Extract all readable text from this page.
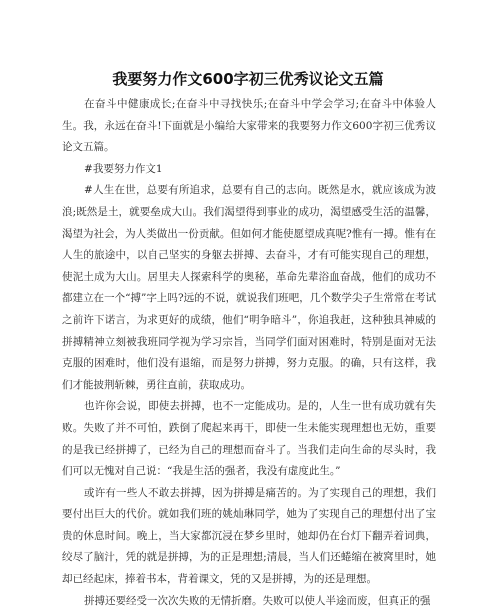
我要努力作文600字初三优秀议论文五篇

在奋斗中健康成长;在奋斗中寻找快乐;在奋斗中学会学习;在奋斗中体验人生。我，永远在奋斗!下面就是小编给大家带来的我要努力作文600字初三优秀议论文五篇。

#我要努力作文1

#人生在世，总要有所追求，总要有自己的志向。既然是水，就应该成为波浪;既然是土，就要垒成大山。我们渴望得到事业的成功，渴望感受生活的温馨，渴望为社会，为人类做出一份贡献。但如何才能使愿望成真呢?惟有一搏。惟有在人生的旅途中，以自己坚实的身躯去拼搏、去奋斗，才有可能实现自己的理想，使泥土成为大山。居里夫人探索科学的奥秘，革命先辈浴血奋战，他们的成功不都建立在一个“搏”字上吗?远的不说，就说我们班吧，几个数学尖子生常常在考试之前许下诺言，为求更好的成绩，他们“明争暗斗”，你追我赶，这种独具神威的拼搏精神立刻被我班同学视为学习宗旨，当同学们面对困难时，特别是面对无法克服的困难时，他们没有退缩，而是努力拼搏，努力克服。的确，只有这样，我们才能披荆斩棘，勇往直前，获取成功。

也许你会说，即使去拼搏，也不一定能成功。是的，人生一世有成功就有失败。失败了并不可怕，跌倒了爬起来再干，即使一生未能实现理想也无妨，重要的是我已经拼搏了，已经为自己的理想而奋斗了。当我们走向生命的尽头时，我们可以无愧对自己说：“我是生活的强者，我没有虚度此生。”

或许有一些人不敢去拼搏，因为拼搏是痛苦的。为了实现自己的理想，我们要付出巨大的代价。就如我们班的姚灿琳同学，她为了实现自己的理想付出了宝贵的休息时间。晚上，当大家都沉浸在梦乡里时，她却仍在台灯下翻弄着词典，绞尽了脑汁，凭的就是拼搏，为的正是理想;清晨，当人们还蜷缩在被窝里时，她却已经起床，捧着书本，背着课文，凭的又是拼搏，为的还是理想。

拼搏还要经受一次次失败的无情折磨。失败可以使人半途而废，但真正的强
